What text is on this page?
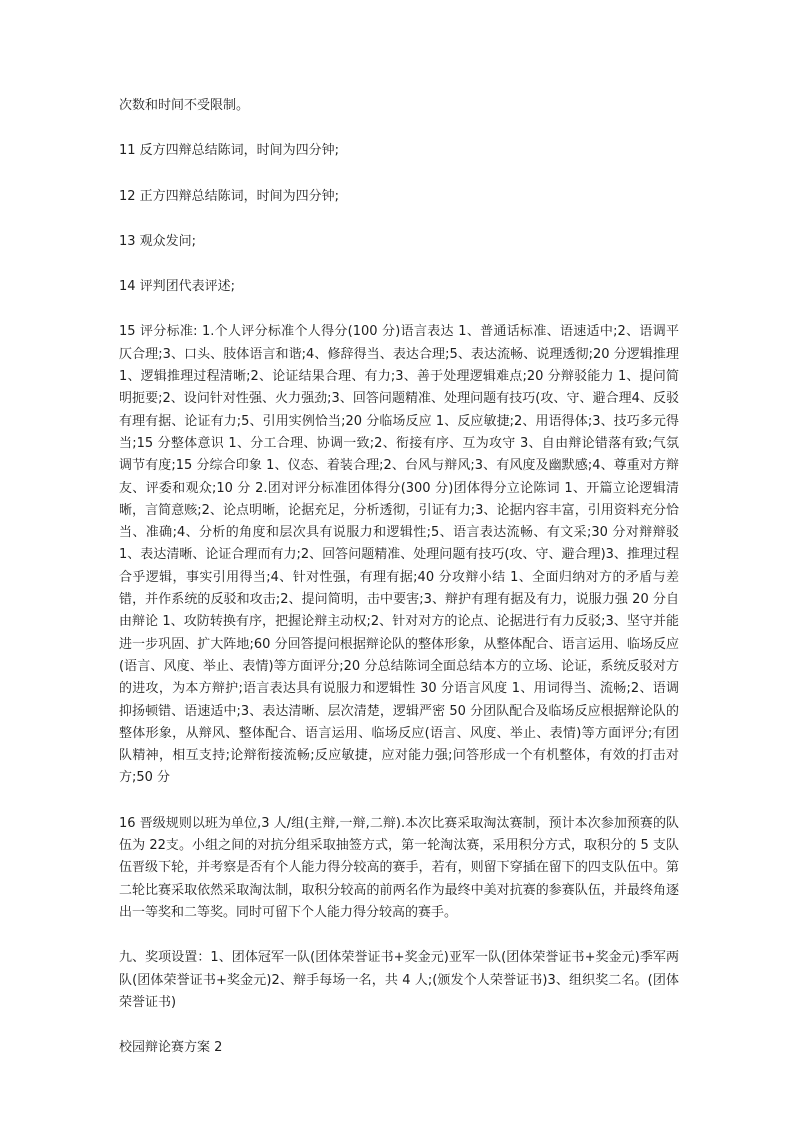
次数和时间不受限制。

11 反方四辩总结陈词，时间为四分钟;

12 正方四辩总结陈词，时间为四分钟;

13 观众发问;

14 评判团代表评述;

15 评分标准: 1.个人评分标准个人得分(100 分)语言表达 1、普通话标准、语速适中;2、语调平仄合理;3、口头、肢体语言和谐;4、修辞得当、表达合理;5、表达流畅、说理透彻;20 分逻辑推理 1、逻辑推理过程清晰;2、论证结果合理、有力;3、善于处理逻辑难点;20 分辩驳能力 1、提问简明扼要;2、设问针对性强、火力强劲;3、回答问题精准、处理问题有技巧(攻、守、避合理4、反驳有理有据、论证有力;5、引用实例恰当;20 分临场反应 1、反应敏捷;2、用语得体;3、技巧多元得当;15 分整体意识 1、分工合理、协调一致;2、衔接有序、互为攻守 3、自由辩论错落有致;气氛调节有度;15 分综合印象 1、仪态、着装合理;2、台风与辩风;3、有风度及幽默感;4、尊重对方辩友、评委和观众;10 分 2.团对评分标准团体得分(300 分)团体得分立论陈词 1、开篇立论逻辑清晰，言简意赅;2、论点明晰，论据充足，分析透彻，引证有力;3、论据内容丰富，引用资料充分恰当、准确;4、分析的角度和层次具有说服力和逻辑性;5、语言表达流畅、有文采;30 分对辩辩驳 1、表达清晰、论证合理而有力;2、回答问题精准、处理问题有技巧(攻、守、避合理)3、推理过程合乎逻辑，事实引用得当;4、针对性强，有理有据;40 分攻辩小结 1、全面归纳对方的矛盾与差错，并作系统的反驳和攻击;2、提问简明，击中要害;3、辩护有理有据及有力，说服力强 20 分自由辩论 1、攻防转换有序，把握论辩主动权;2、针对对方的论点、论据进行有力反驳;3、坚守并能进一步巩固、扩大阵地;60 分回答提问根据辩论队的整体形象，从整体配合、语言运用、临场反应(语言、风度、举止、表情)等方面评分;20 分总结陈词全面总结本方的立场、论证，系统反驳对方的进攻，为本方辩护;语言表达具有说服力和逻辑性 30 分语言风度 1、用词得当、流畅;2、语调抑扬顿错、语速适中;3、表达清晰、层次清楚，逻辑严密 50 分团队配合及临场反应根据辩论队的整体形象，从辩风、整体配合、语言运用、临场反应(语言、风度、举止、表情)等方面评分;有团队精神，相互支持;论辩衔接流畅;反应敏捷，应对能力强;问答形成一个有机整体，有效的打击对方;50 分

16 晋级规则以班为单位,3 人/组(主辩,一辩,二辩).本次比赛采取淘汰赛制，预计本次参加预赛的队伍为 22支。小组之间的对抗分组采取抽签方式，第一轮淘汰赛，采用积分方式，取积分的 5 支队伍晋级下轮，并考察是否有个人能力得分较高的赛手，若有，则留下穿插在留下的四支队伍中。第二轮比赛采取依然采取淘汰制，取积分较高的前两名作为最终中美对抗赛的参赛队伍，并最终角逐出一等奖和二等奖。同时可留下个人能力得分较高的赛手。

九、奖项设置：1、团体冠军一队(团体荣誉证书+奖金元)亚军一队(团体荣誉证书+奖金元)季军两队(团体荣誉证书+奖金元)2、辩手每场一名，共 4 人;(颁发个人荣誉证书)3、组织奖二名。(团体荣誉证书)

校园辩论赛方案 2
